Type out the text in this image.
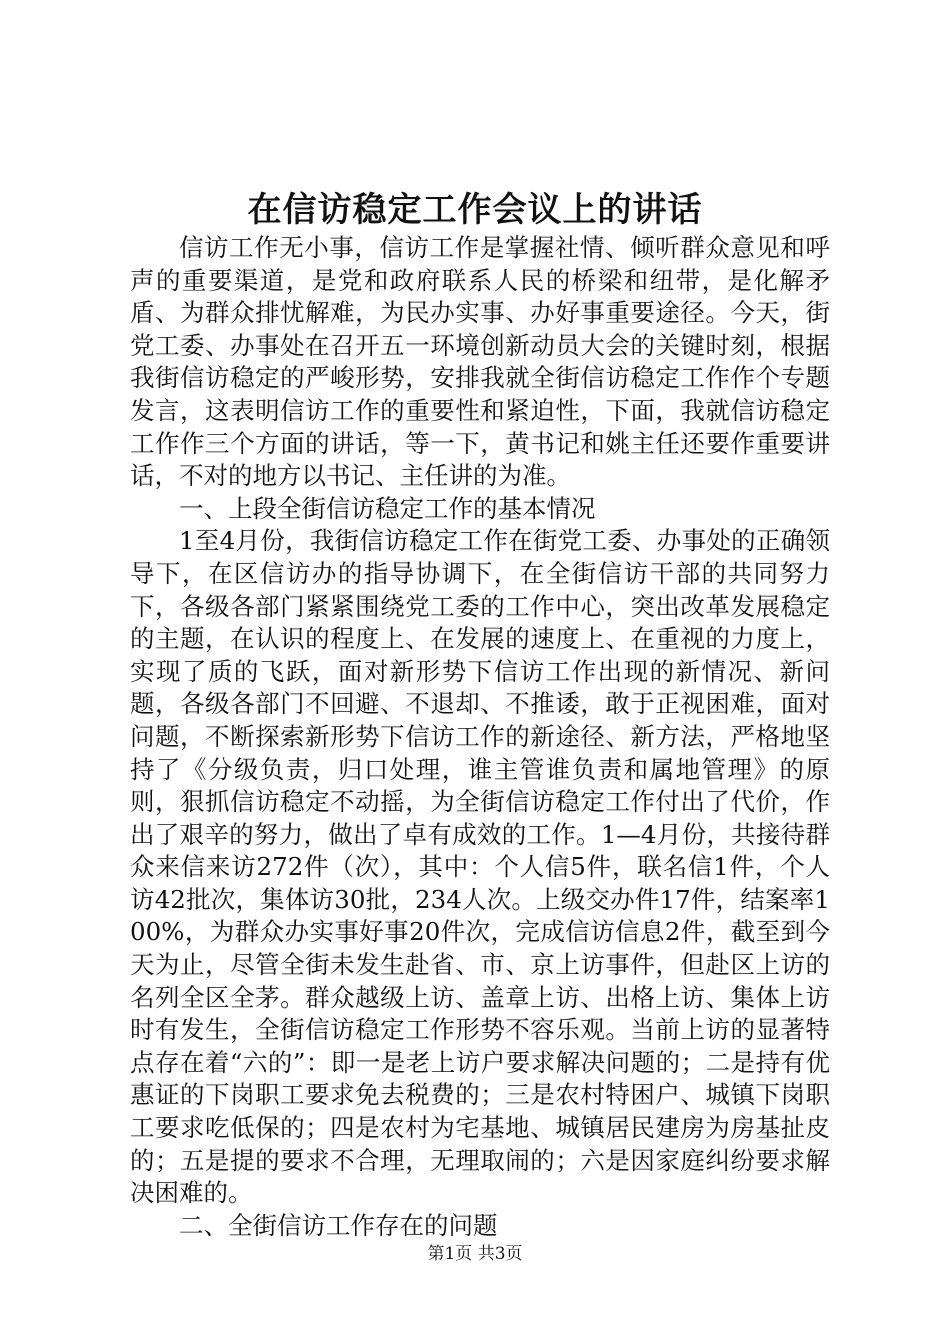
在信访稳定工作会议上的讲话

信访工作无小事，信访工作是掌握社情、倾听群众意见和呼声的重要渠道，是党和政府联系人民的桥梁和纽带，是化解矛盾、为群众排忧解难，为民办实事、办好事重要途径。今天，街党工委、办事处在召开五一环境创新动员大会的关键时刻，根据我街信访稳定的严峻形势，安排我就全街信访稳定工作作个专题发言，这表明信访工作的重要性和紧迫性，下面，我就信访稳定工作作三个方面的讲话，等一下，黄书记和姚主任还要作重要讲话，不对的地方以书记、主任讲的为准。

一、上段全街信访稳定工作的基本情况

1至4月份，我街信访稳定工作在街党工委、办事处的正确领导下，在区信访办的指导协调下，在全街信访干部的共同努力下，各级各部门紧紧围绕党工委的工作中心，突出改革发展稳定的主题，在认识的程度上、在发展的速度上、在重视的力度上，实现了质的飞跃，面对新形势下信访工作出现的新情况、新问题，各级各部门不回避、不退却、不推诿，敢于正视困难，面对问题，不断探索新形势下信访工作的新途径、新方法，严格地坚持了《分级负责，归口处理，谁主管谁负责和属地管理》的原则，狠抓信访稳定不动摇，为全街信访稳定工作付出了代价，作出了艰辛的努力，做出了卓有成效的工作。1—4月份，共接待群众来信来访272件（次），其中：个人信5件，联名信1件，个人访42批次，集体访30批，234人次。上级交办件17件，结案率100%，为群众办实事好事20件次，完成信访信息2件，截至到今天为止，尽管全街未发生赴省、市、京上访事件，但赴区上访的名列全区全茅。群众越级上访、盖章上访、出格上访、集体上访时有发生，全街信访稳定工作形势不容乐观。当前上访的显著特点存在着“六的”：即一是老上访户要求解决问题的；二是持有优惠证的下岗职工要求免去税费的；三是农村特困户、城镇下岗职工要求吃低保的；四是农村为宅基地、城镇居民建房为房基扯皮的；五是提的要求不合理，无理取闹的；六是因家庭纠纷要求解决困难的。

二、全街信访工作存在的问题

第1页 共3页
